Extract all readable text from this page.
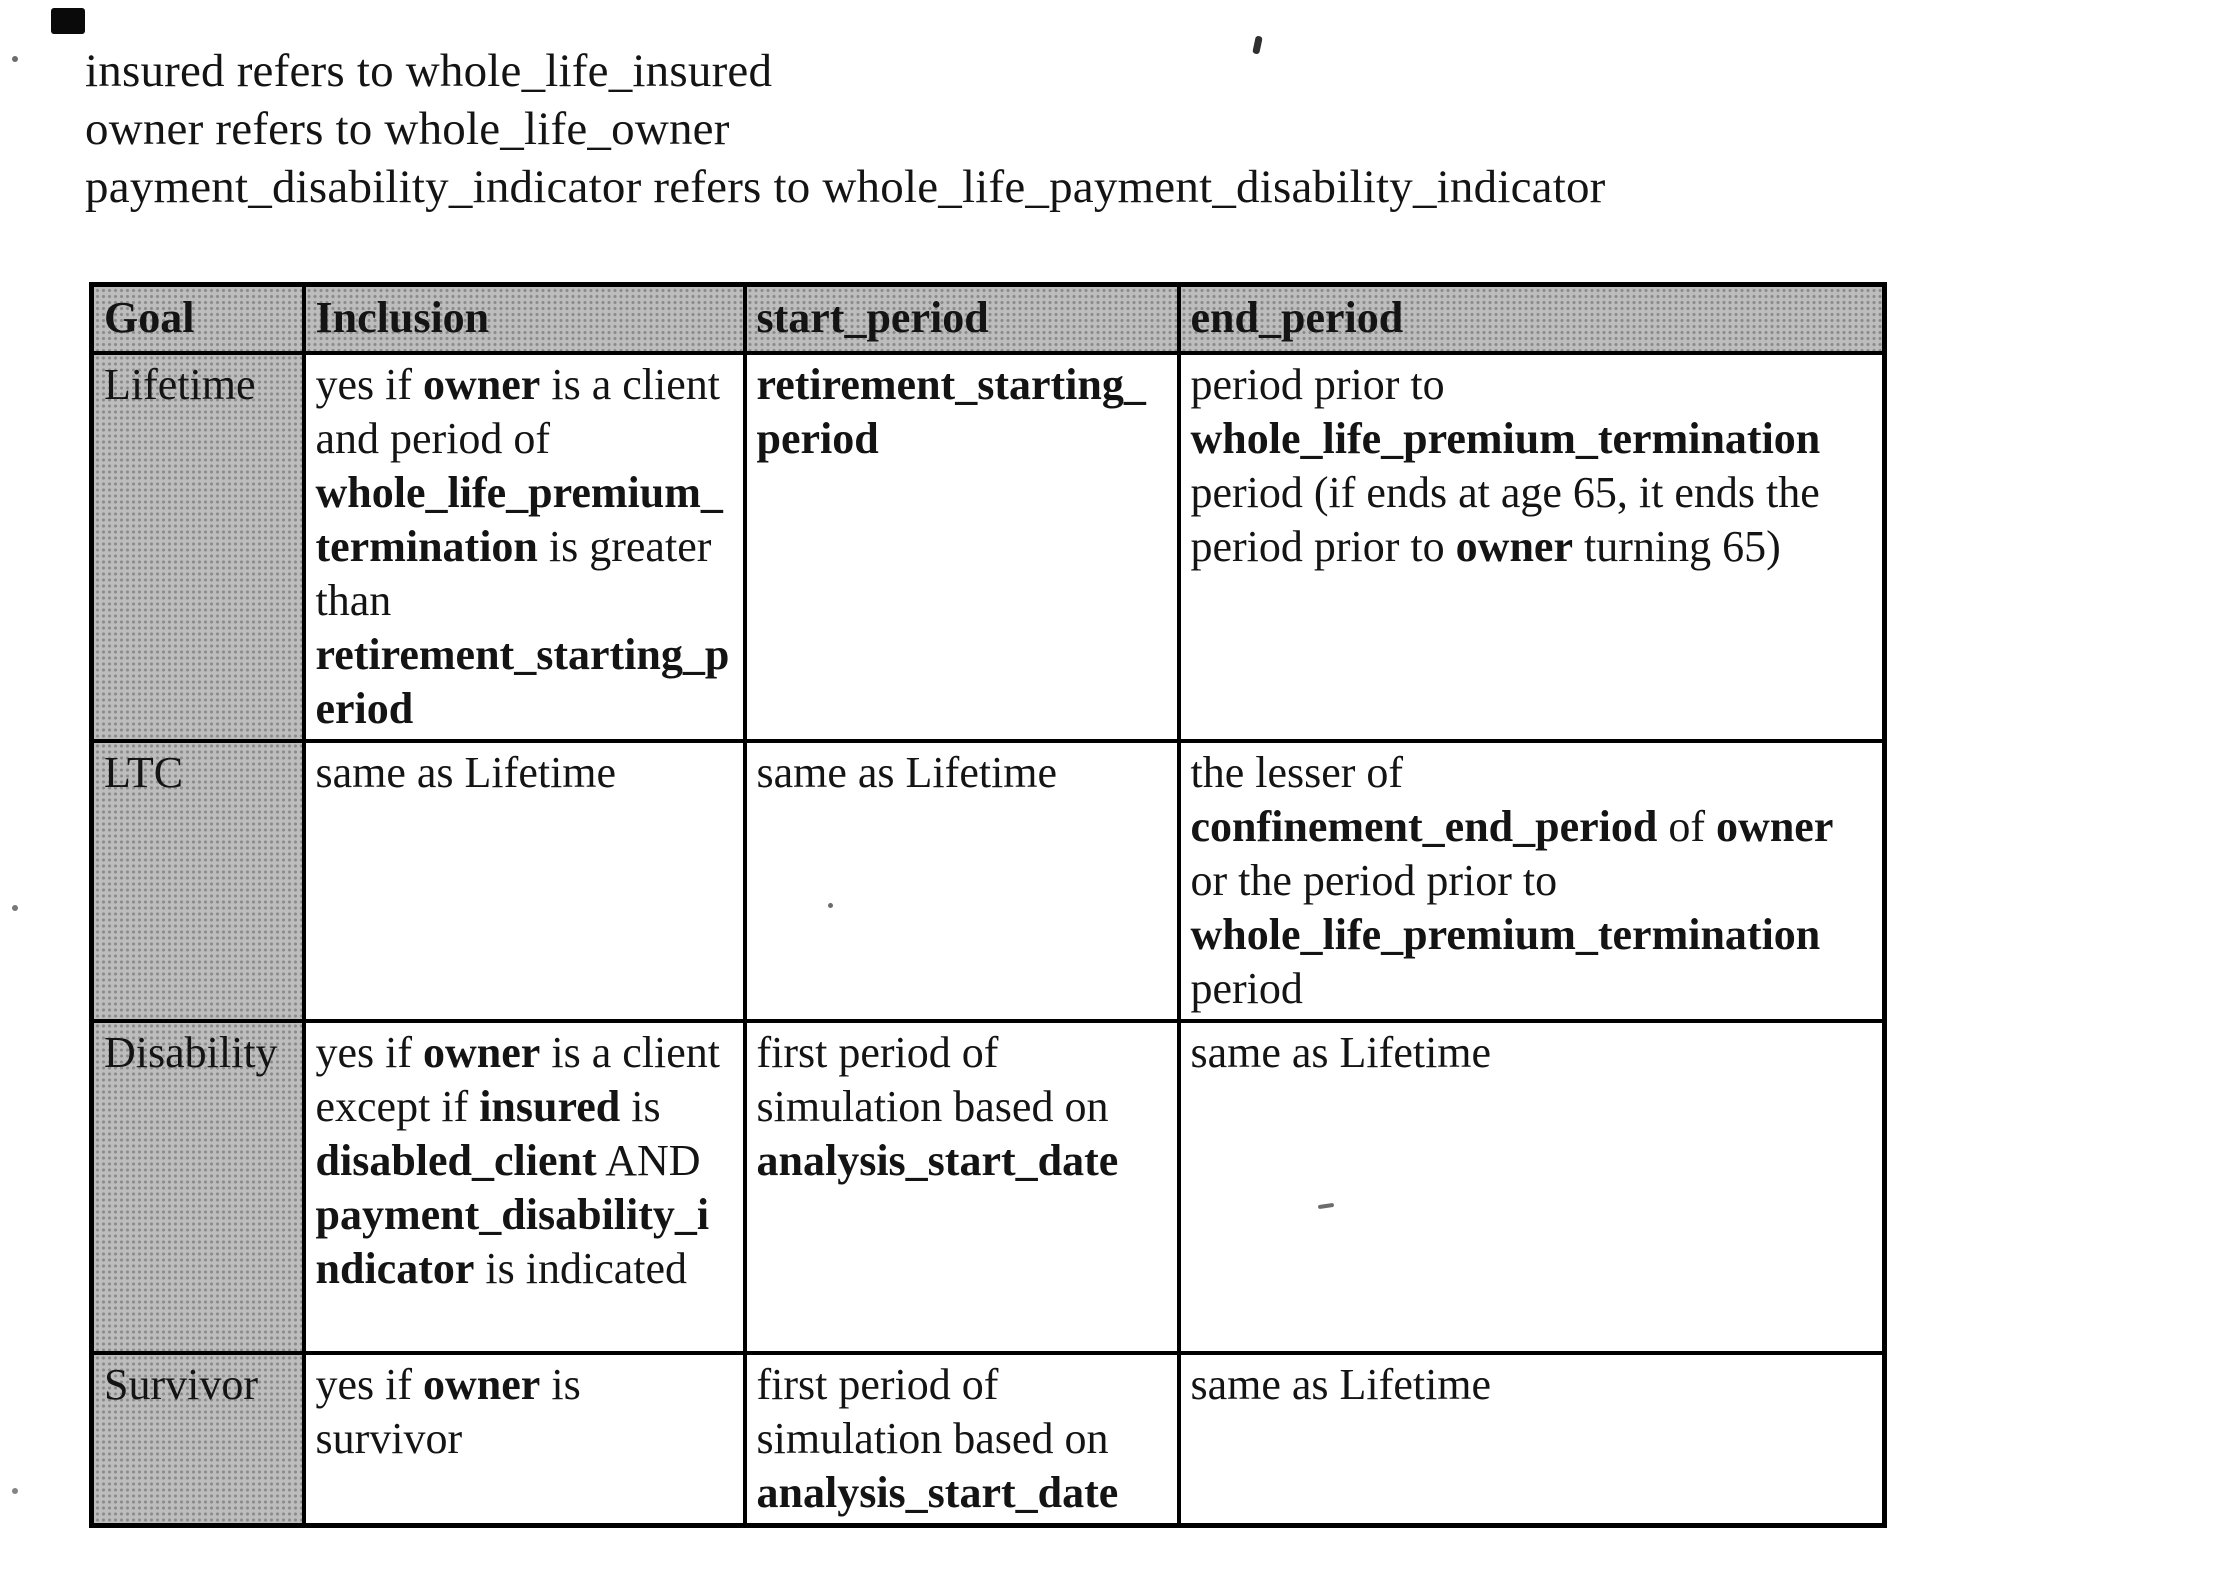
insured refers to whole_life_insured

owner refers to whole_life_owner

payment_disability_indicator refers to whole_life_payment_disability_indicator

Goal	Inclusion	start_period	end_period
Lifetime	yes if owner is a client and period of whole_life_premium_termination is greater than retirement_starting_period	retirement_starting_period	period prior to whole_life_premium_termination period (if ends at age 65, it ends the period prior to owner turning 65)
LTC	same as Lifetime	same as Lifetime	the lesser of confinement_end_period of owner or the period prior to whole_life_premium_termination period
Disability	yes if owner is a client except if insured is disabled_client AND payment_disability_indicator is indicated	first period of simulation based on analysis_start_date	same as Lifetime
Survivor	yes if owner is survivor	first period of simulation based on analysis_start_date	same as Lifetime
